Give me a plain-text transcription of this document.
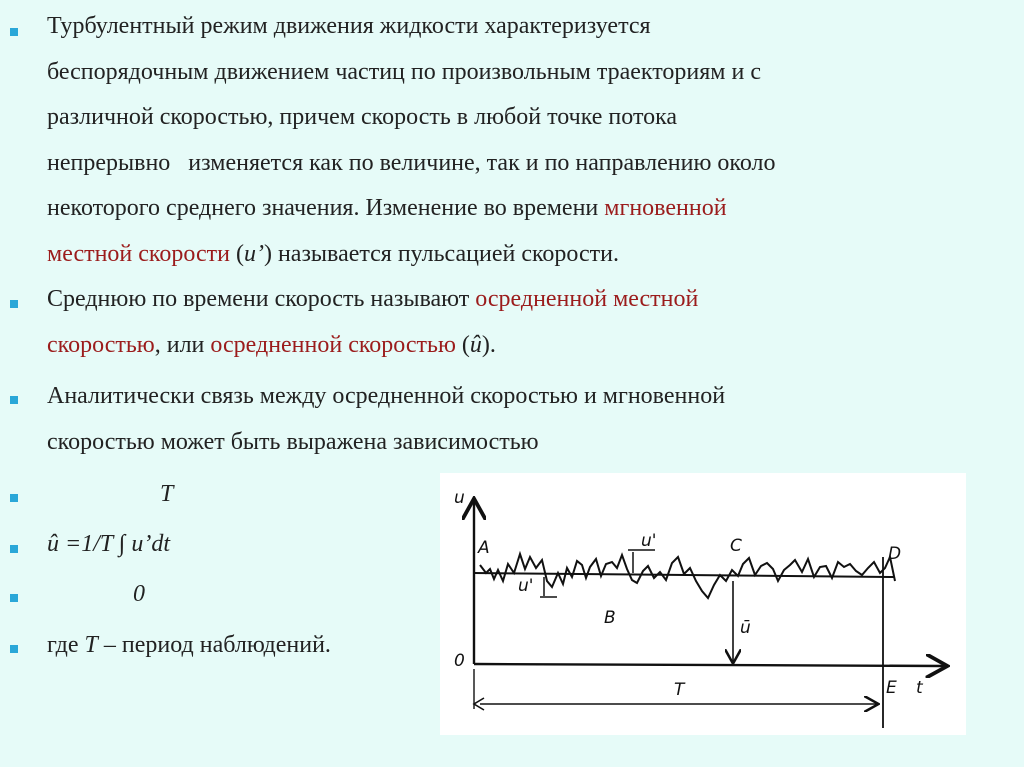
Турбулентный режим движения жидкости характеризуется
беспорядочным движением частиц по произвольным траекториям и с
различной скоростью, причем скорость в любой точке потока
непрерывно   изменяется как по величине, так и по направлению около
некоторого среднего значения. Изменение во времени мгновенной
местной скорости (u’) называется пульсацией скорости.
Среднюю по времени скорость называют осредненной местной
скоростью, или осредненной скоростью (û).
Аналитически связь между осредненной скоростью и мгновенной
скоростью может быть выражена зависимостью
T
û =1/T ∫ u’dt
0
где T – период наблюдений.
u
t
0
A
B
C	D
E
T
u'
u'
ū
